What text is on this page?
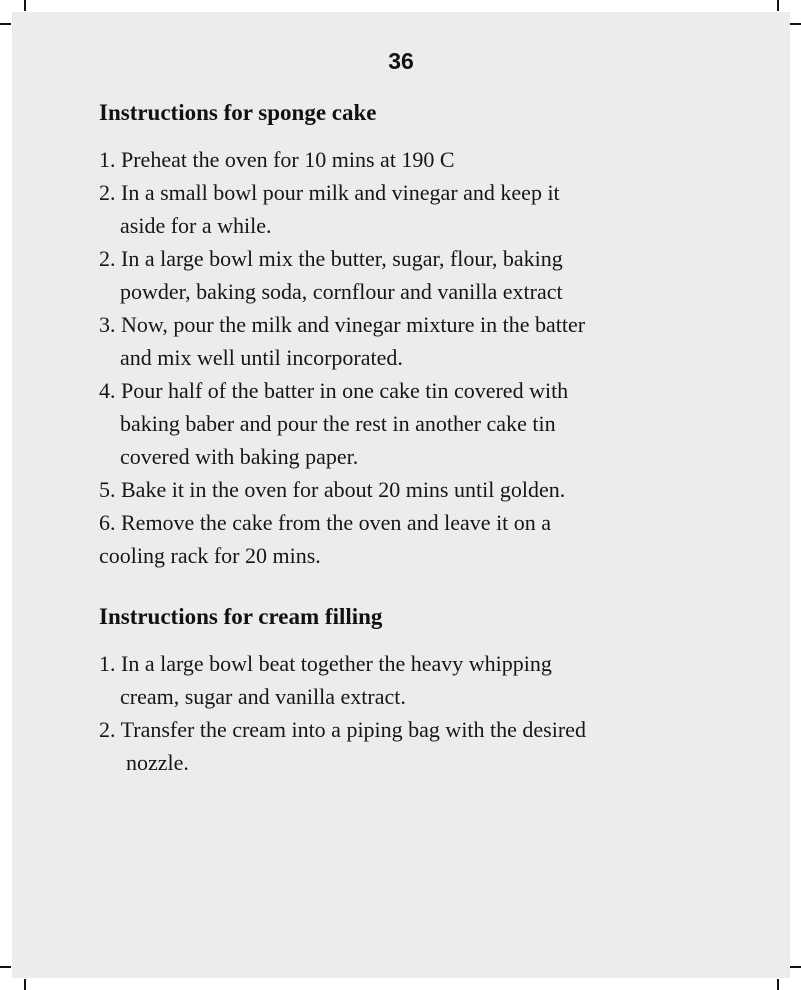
36
Instructions for sponge cake
1. Preheat the oven for 10 mins at 190 C
2. In a small bowl pour milk and vinegar and keep it
aside for a while.
2. In a large bowl mix the butter, sugar, flour, baking
powder, baking soda, cornflour and vanilla extract
3. Now, pour the milk and vinegar mixture in the batter
and mix well until incorporated.
4. Pour half of the batter in one cake tin covered with
baking baber and pour the rest in another cake tin
covered with baking paper.
5. Bake it in the oven for about 20 mins until golden.
6. Remove the cake from the oven and leave it on a
cooling rack for 20 mins.
Instructions for cream filling
1. In a large bowl beat together the heavy whipping
cream, sugar and vanilla extract.
2. Transfer the cream into a piping bag with the desired
nozzle.
